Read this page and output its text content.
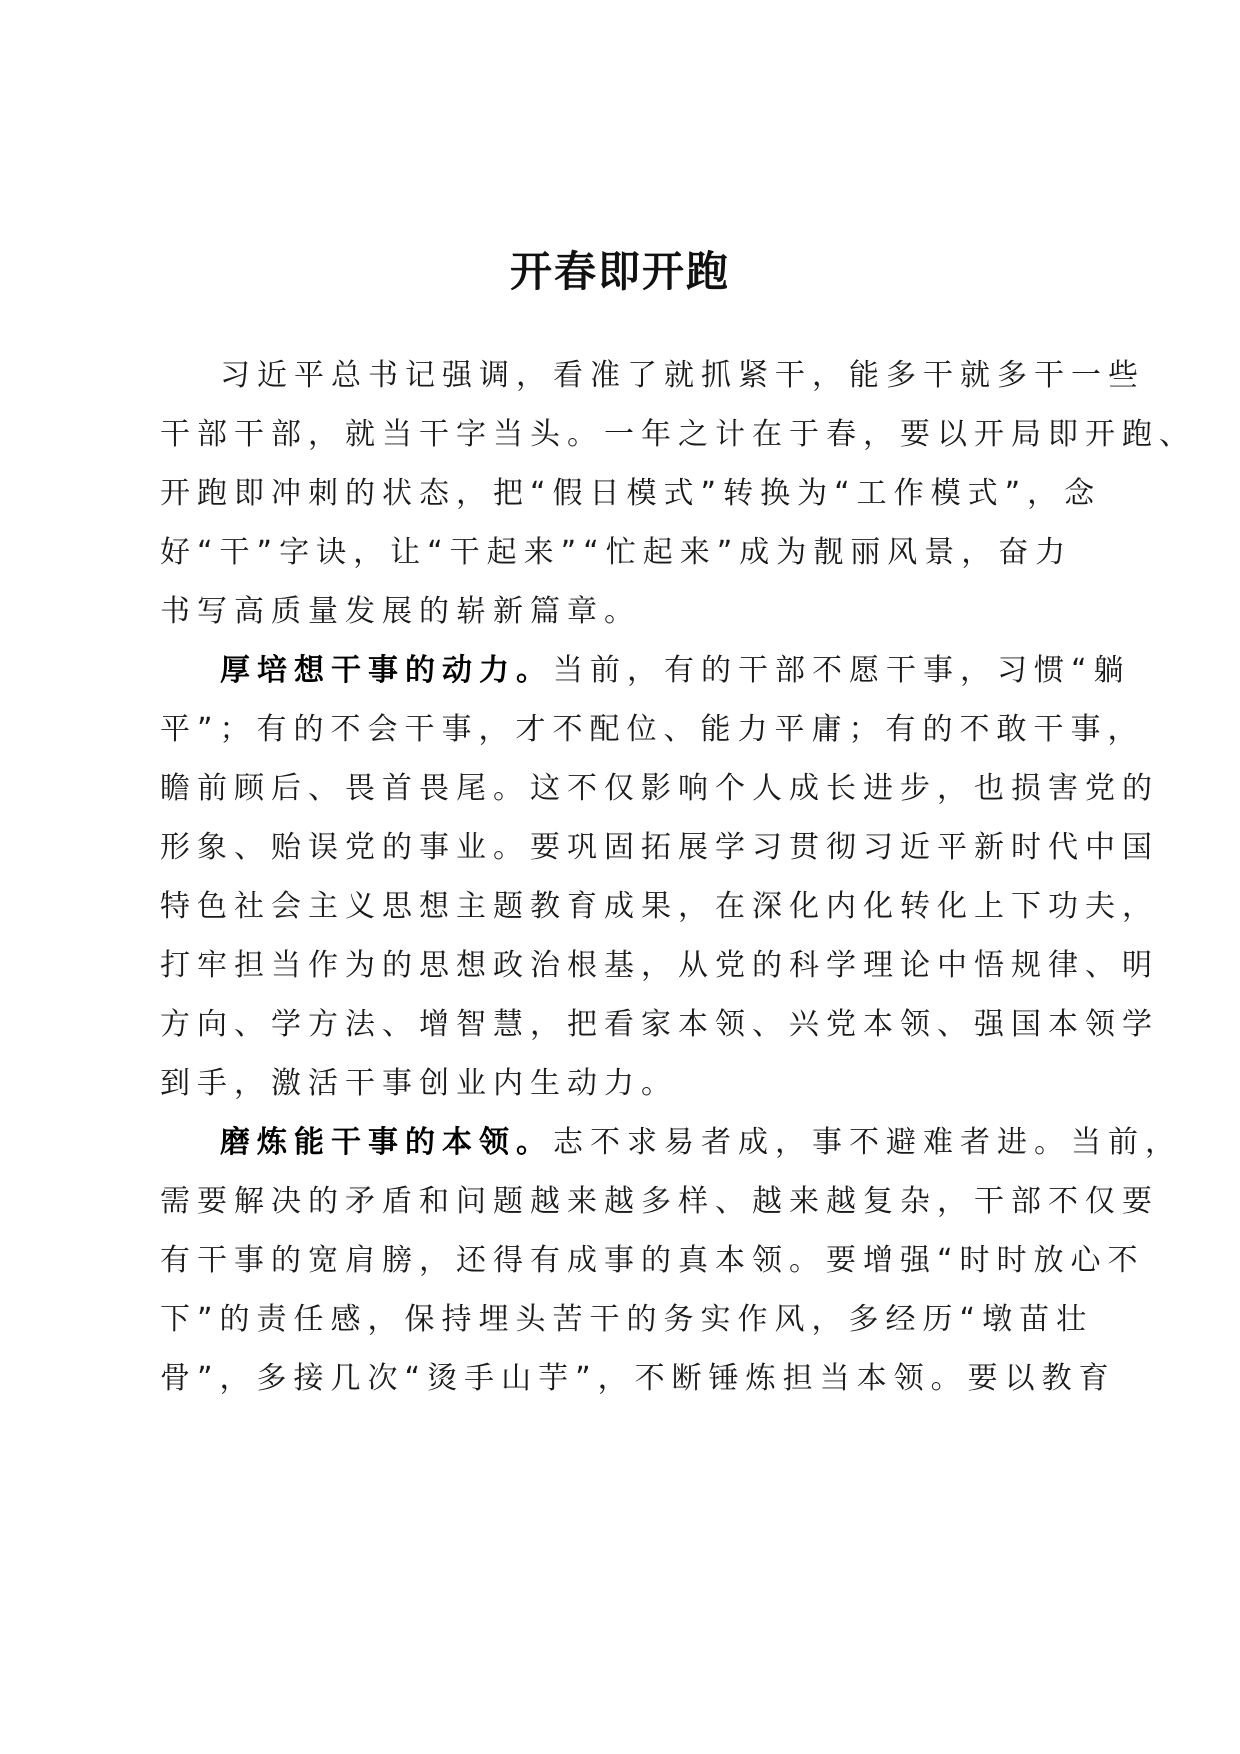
开春即开跑

习近平总书记强调，看准了就抓紧干，能多干就多干一些

干部干部，就当干字当头。一年之计在于春，要以开局即开跑、

开跑即冲刺的状态，把“假日模式”转换为“工作模式”，念

好“干”字诀，让“干起来”“忙起来”成为靓丽风景，奋力

书写高质量发展的崭新篇章。

厚培想干事的动力。当前，有的干部不愿干事，习惯“躺

平”；有的不会干事，才不配位、能力平庸；有的不敢干事，

瞻前顾后、畏首畏尾。这不仅影响个人成长进步，也损害党的

形象、贻误党的事业。要巩固拓展学习贯彻习近平新时代中国

特色社会主义思想主题教育成果，在深化内化转化上下功夫，

打牢担当作为的思想政治根基，从党的科学理论中悟规律、明

方向、学方法、增智慧，把看家本领、兴党本领、强国本领学

到手，激活干事创业内生动力。

磨炼能干事的本领。志不求易者成，事不避难者进。当前，

需要解决的矛盾和问题越来越多样、越来越复杂，干部不仅要

有干事的宽肩膀，还得有成事的真本领。要增强“时时放心不

下”的责任感，保持埋头苦干的务实作风，多经历“墩苗壮

骨”，多接几次“烫手山芋”，不断锤炼担当本领。要以教育
